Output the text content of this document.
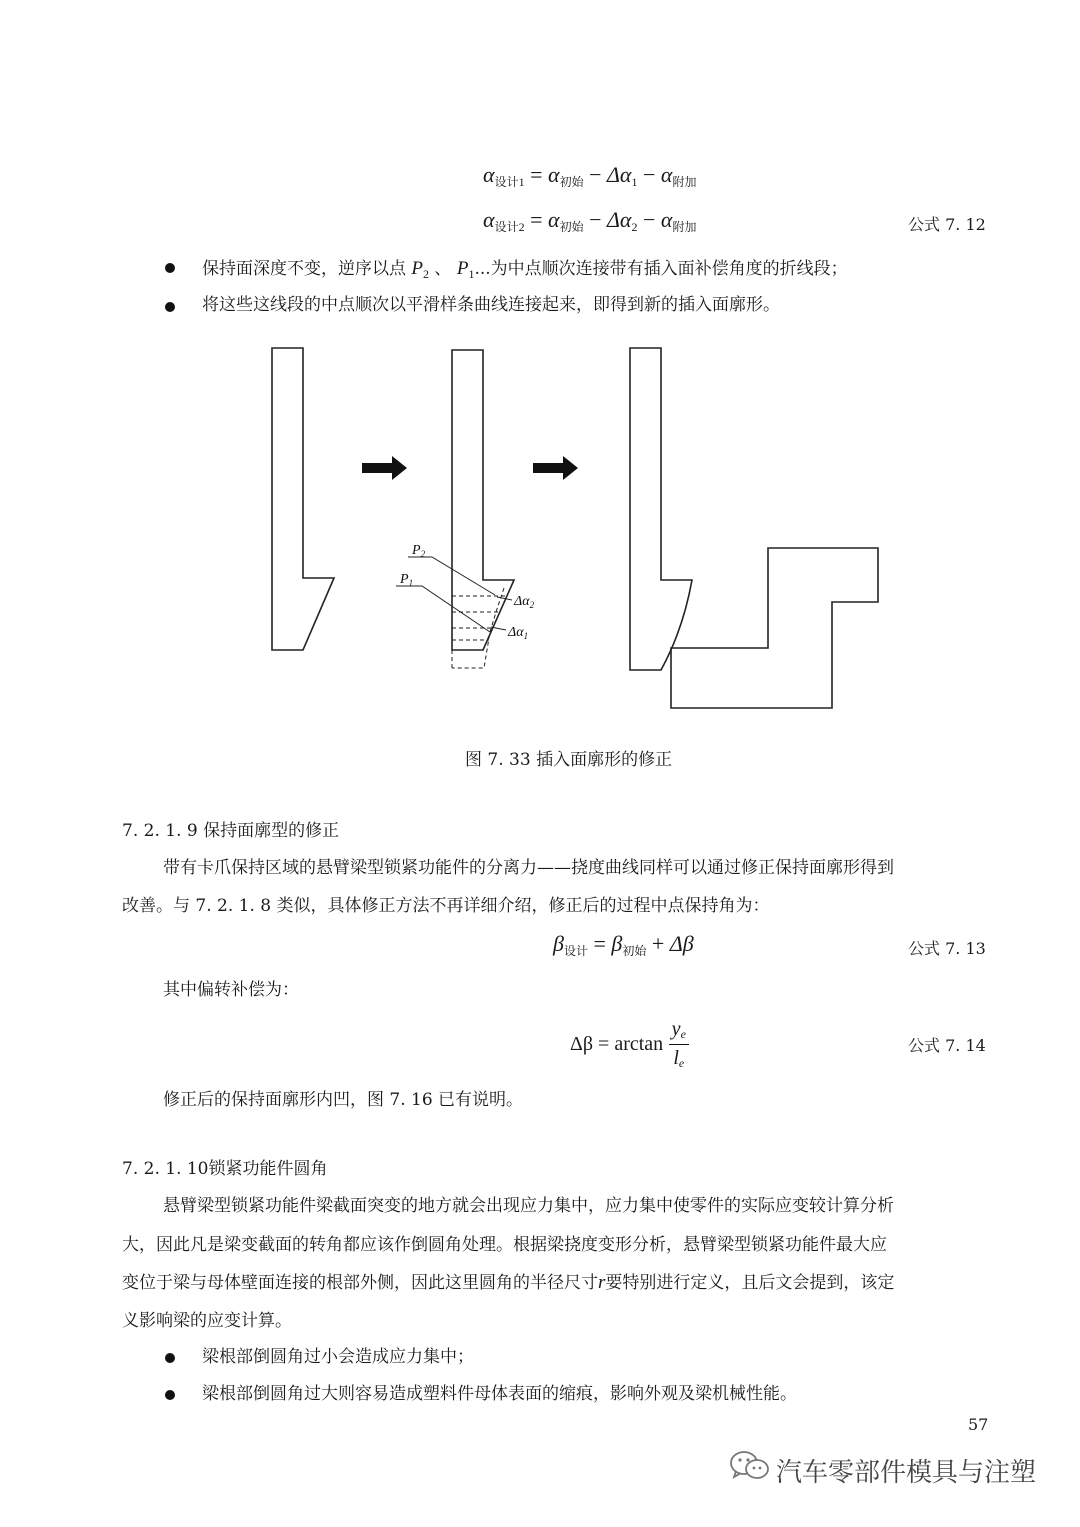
$\alpha_{设计1} = \alpha_{初始} - \Delta\alpha_1 - \alpha_{附加}$
$\alpha_{设计2} = \alpha_{初始} - \Delta\alpha_2 - \alpha_{附加}$	公式 7. 12
保持面深度不变，逆序以点 $P_2$ 、 $P_1$...为中点顺次连接带有插入面补偿角度的折线段；
将这些这线段的中点顺次以平滑样条曲线连接起来，即得到新的插入面廓形。
$P_2$
$P_1$
$\Delta\alpha_2$
$\Delta\alpha_1$
图 7. 33 插入面廓形的修正
7. 2. 1. 9 保持面廓型的修正
带有卡爪保持区域的悬臂梁型锁紧功能件的分离力——挠度曲线同样可以通过修正保持面廓形得到
改善。与 7. 2. 1. 8 类似，具体修正方法不再详细介绍，修正后的过程中点保持角为：
$\beta_{设计} = \beta_{初始} + \Delta\beta$	公式 7. 13
其中偏转补偿为：
$\Delta\beta = \arctan \frac{y_e}{l_e}$	公式 7. 14
修正后的保持面廓形内凹，图 7. 16 已有说明。
7. 2. 1. 10锁紧功能件圆角
悬臂梁型锁紧功能件梁截面突变的地方就会出现应力集中，应力集中使零件的实际应变较计算分析
大，因此凡是梁变截面的转角都应该作倒圆角处理。根据梁挠度变形分析，悬臂梁型锁紧功能件最大应
变位于梁与母体壁面连接的根部外侧，因此这里圆角的半径尺寸r要特别进行定义，且后文会提到，该定
义影响梁的应变计算。
梁根部倒圆角过小会造成应力集中；
梁根部倒圆角过大则容易造成塑料件母体表面的缩痕，影响外观及梁机械性能。
57
汽车零部件模具与注塑
